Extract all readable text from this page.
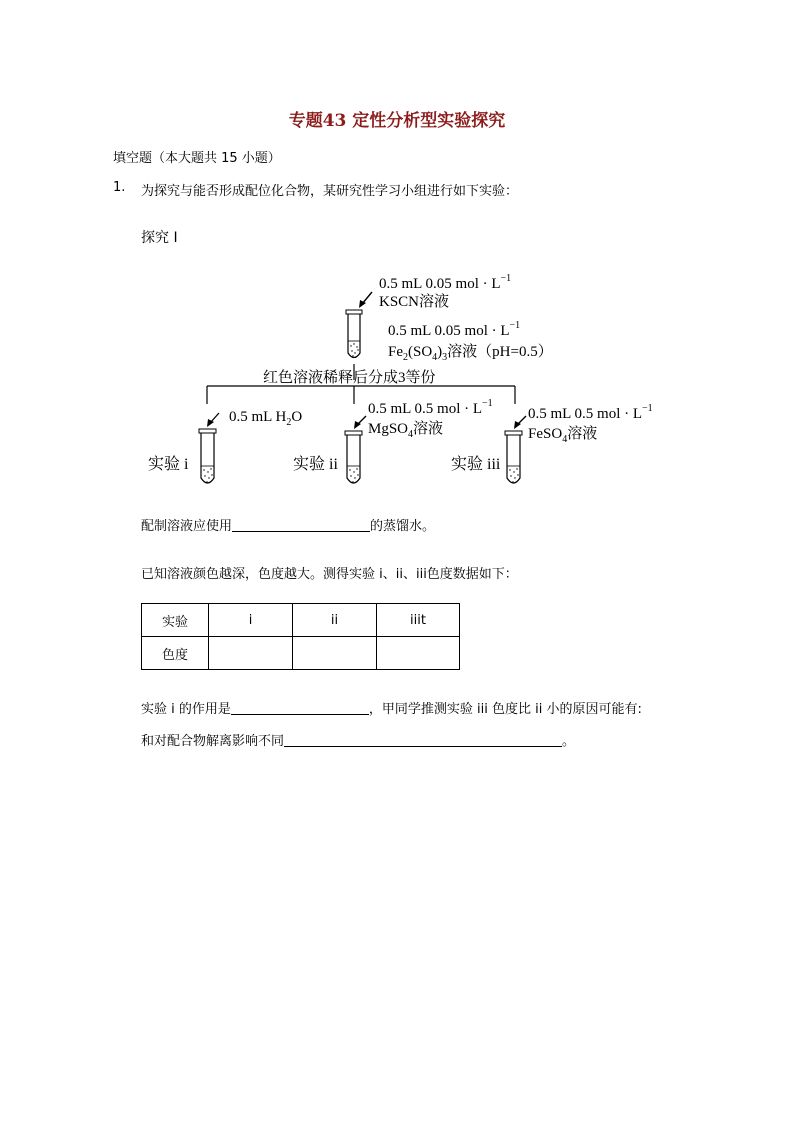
专题43 定性分析型实验探究
填空题（本大题共 15 小题）
1. 为探究与能否形成配位化合物，某研究性学习小组进行如下实验：
探究 I
0.5 mL 0.05 mol · $L^{-1}$
KSCN溶液
0.5 mL 0.05 mol · $L^{-1}$
$Fe_2(SO_4)_3$溶液（pH=0.5）
红色溶液稀释后分成3等份
0.5 mL $H_2O$
实验 i
0.5 mL 0.5 mol · $L^{-1}$
MgSO$_4$溶液
实验 ii
0.5 mL 0.5 mol · $L^{-1}$
FeSO$_4$溶液
实验 iii
配制溶液应使用	的蒸馏水。
已知溶液颜色越深，色度越大。测得实验 i、ii、iii色度数据如下：
实验	i	ii	iiit
色度			
实验 i 的作用是	，甲同学推测实验 iii 色度比 ii 小的原因可能有:
和对配合物解离影响不同	。
